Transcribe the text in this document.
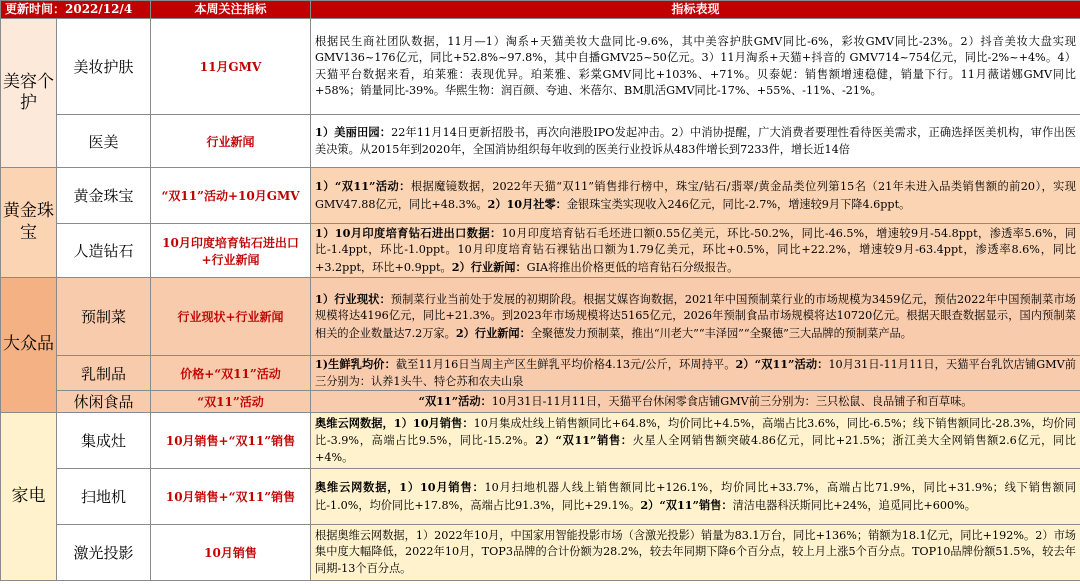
更新时间：2022/12/4		本周关注指标	指标表现
美容个护	美妆护肤	11月GMV	根据民生商社团队数据，11月—1）淘系+天猫美妆大盘同比-9.6%，其中美容护肤GMV同比-6%，彩妆GMV同比-23%。2）抖音美妆大盘实现GMV136~176亿元，同比+52.8%~97.8%，其中自播GMV25~50亿元。3）11月淘系+天猫+抖音的 GMV714~754亿元，同比-2%~+4%。4）天猫平台数据来看，珀莱雅：表现优异。珀莱雅、彩棠GMV同比+103%、+71%。贝泰妮：销售额增速稳健，销量下行。11月薇诺娜GMV同比+58%；销量同比-39%。华熙生物：润百颜、夸迪、米蓓尔、BM肌活GMV同比-17%、+55%、-11%、-21%。
	医美	行业新闻	1）美丽田园：22年11月14日更新招股书，再次向港股IPO发起冲击。2）中消协提醒，广大消费者要理性看待医美需求，正确选择医美机构，审作出医美决策。从2015年到2020年，全国消协组织每年收到的医美行业投诉从483件增长到7233件，增长近14倍
黄金珠宝	黄金珠宝	“双11”活动+10月GMV	1）“双11”活动：根据魔镜数据，2022年天猫“双11”销售排行榜中，珠宝/钻石/翡翠/黄金品类位列第15名（21年未进入品类销售额的前20），实现GMV47.88亿元，同比+48.3%。2）10月社零：金银珠宝类实现收入246亿元，同比-2.7%，增速较9月下降4.6ppt。
	人造钻石	10月印度培育钻石进出口+行业新闻	1）10月印度培育钻石进出口数据：10月印度培育钻石毛坯进口额0.55亿美元，环比-50.2%，同比-46.5%，增速较9月-54.8ppt，渗透率5.6%，同比-1.4ppt，环比-1.0ppt。10月印度培育钻石裸钻出口额为1.79亿美元，环比+0.5%，同比+22.2%，增速较9月-63.4ppt，渗透率8.6%，同比+3.2ppt，环比+0.9ppt。2）行业新闻：GIA将推出价格更低的培育钻石分级报告。
大众品	预制菜	行业现状+行业新闻	1）行业现状：预制菜行业当前处于发展的初期阶段。根据艾媒咨询数据，2021年中国预制菜行业的市场规模为3459亿元，预估2022年中国预制菜市场规模将达4196亿元，同比+21.3%。到2023年市场规模将达5165亿元，2026年预制食品市场规模将达10720亿元。根据天眼查数据显示，国内预制菜相关的企业数量达7.2万家。2）行业新闻：全聚德发力预制菜，推出“川老大”“丰泽园”“全聚德”三大品牌的预制菜产品。
	乳制品	价格+“双11”活动	1)生鲜乳均价：截至11月16日当周主产区生鲜乳平均价格4.13元/公斤，环周持平。2）“双11”活动：10月31日-11月11日，天猫平台乳饮店铺GMV前三分别为：认养1头牛、特仑苏和农夫山泉
	休闲食品	“双11”活动	“双11”活动：10月31日-11月11日，天猫平台休闲零食店铺GMV前三分别为：三只松鼠、良品铺子和百草味。
家电	集成灶	10月销售+“双11”销售	奥维云网数据，1）10月销售：10月集成灶线上销售额同比+64.8%，均价同比+4.5%，高端占比3.6%，同比-6.5%；线下销售额同比-28.3%，均价同比-3.9%，高端占比9.5%，同比-15.2%。2）“双11”销售：火星人全网销售额突破4.86亿元，同比+21.5%；浙江美大全网销售额2.6亿元，同比+4%。
	扫地机	10月销售+“双11”销售	奥维云网数据，1）10月销售：10月扫地机器人线上销售额同比+126.1%，均价同比+33.7%，高端占比71.9%，同比+31.9%；线下销售额同比-1.0%，均价同比+17.8%，高端占比91.3%，同比+29.1%。2）“双11”销售：清洁电器科沃斯同比+24%，追觅同比+600%。
	激光投影	10月销售	根据奥维云网数据，1）2022年10月，中国家用智能投影市场（含激光投影）销量为83.1万台，同比+136%；销额为18.1亿元，同比+192%。2）市场集中度大幅降低，2022年10月，TOP3品牌的合计份额为28.2%，较去年同期下降6个百分点，较上月上涨5个百分点。TOP10品牌份额51.5%，较去年同期-13个百分点。
